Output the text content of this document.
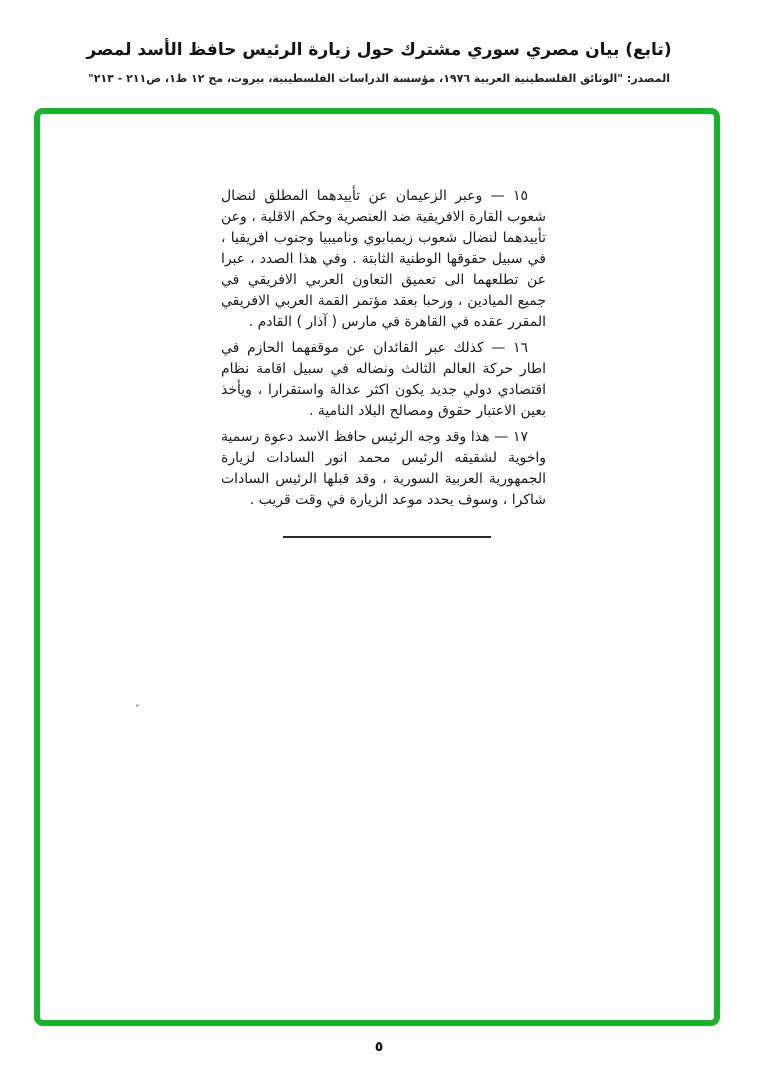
(تابع) بيان مصري سوري مشترك حول زيارة الرئيس حافظ الأسد لمصر
المصدر: "الوثائق الفلسطينية العربية ١٩٧٦، مؤسسة الدراسات الفلسطينية، بيروت، مج ١٢ ط١، ص٢١١ - ٢١٣"

١٥ — وعبر الزعيمان عن تأييدهما المطلق لنضال شعوب القارة الافريقية ضد العنصرية وحكم الاقلية ، وعن تأييدهما لنضال شعوب زيمبابوي وناميبيا وجنوب افريقيا ، في سبيل حقوقها الوطنية الثابتة . وفي هذا الصدد ، عبرا عن تطلعهما الى تعميق التعاون العربي الافريقي في جميع الميادين ، ورحبا بعقد مؤتمر القمة العربي الافريقي المقرر عقده في القاهرة في مارس ( آذار ) القادم .

١٦ — كذلك عبر القائدان عن موقفهما الحازم في اطار حركة العالم الثالث ونضاله في سبيل اقامة نظام اقتصادي دولي جديد يكون اكثر عدالة واستقرارا ، ويأخذ بعين الاعتبار حقوق ومصالح البلاد النامية .

١٧ — هذا وقد وجه الرئيس حافظ الاسد دعوة رسمية واخوية لشقيقه الرئيس محمد انور السادات لزيارة الجمهورية العربية السورية ، وقد قبلها الرئيس السادات شاكرا ، وسوف يحدد موعد الزيارة في وقت قريب .

٥
